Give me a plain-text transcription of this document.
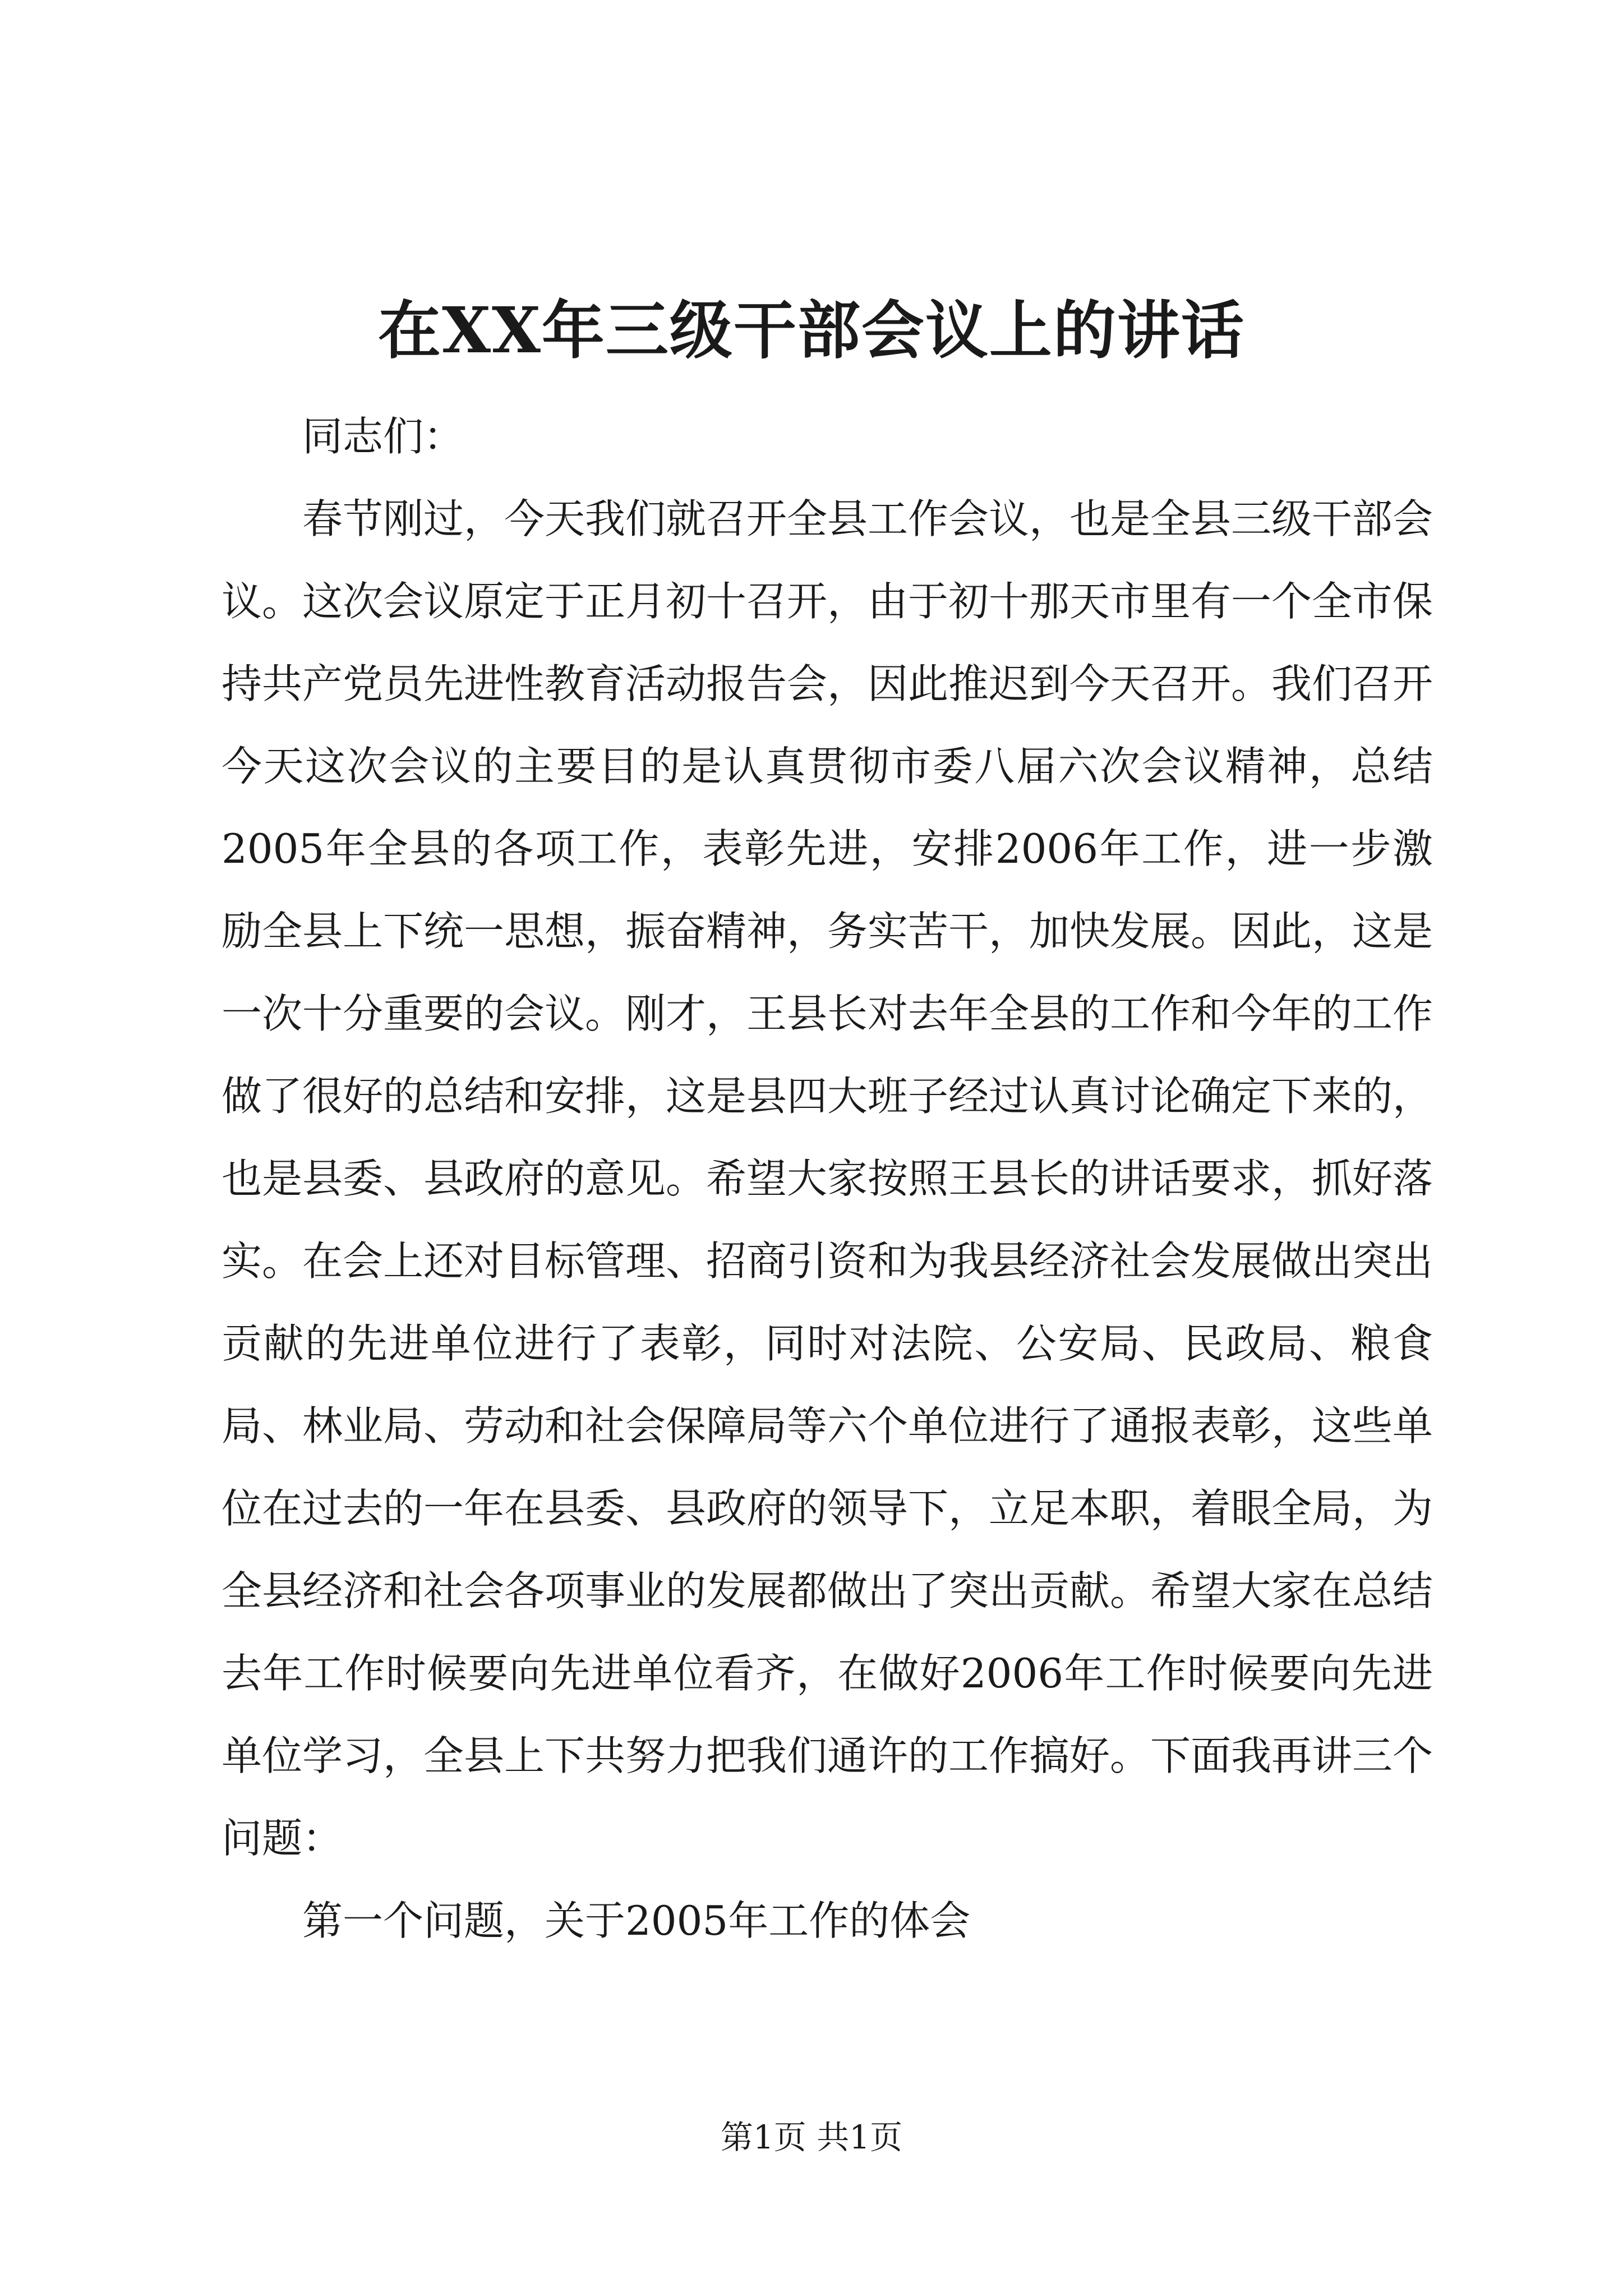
在XX年三级干部会议上的讲话

同志们：

春节刚过，今天我们就召开全县工作会议，也是全县三级干部会议。这次会议原定于正月初十召开，由于初十那天市里有一个全市保持共产党员先进性教育活动报告会，因此推迟到今天召开。我们召开今天这次会议的主要目的是认真贯彻市委八届六次会议精神，总结2005年全县的各项工作，表彰先进，安排2006年工作，进一步激励全县上下统一思想，振奋精神，务实苦干，加快发展。因此，这是一次十分重要的会议。刚才，王县长对去年全县的工作和今年的工作做了很好的总结和安排，这是县四大班子经过认真讨论确定下来的，也是县委、县政府的意见。希望大家按照王县长的讲话要求，抓好落实。在会上还对目标管理、招商引资和为我县经济社会发展做出突出贡献的先进单位进行了表彰，同时对法院、公安局、民政局、粮食局、林业局、劳动和社会保障局等六个单位进行了通报表彰，这些单位在过去的一年在县委、县政府的领导下，立足本职，着眼全局，为全县经济和社会各项事业的发展都做出了突出贡献。希望大家在总结去年工作时候要向先进单位看齐，在做好2006年工作时候要向先进单位学习，全县上下共努力把我们通许的工作搞好。下面我再讲三个问题：

第一个问题，关于2005年工作的体会

第1页 共1页
